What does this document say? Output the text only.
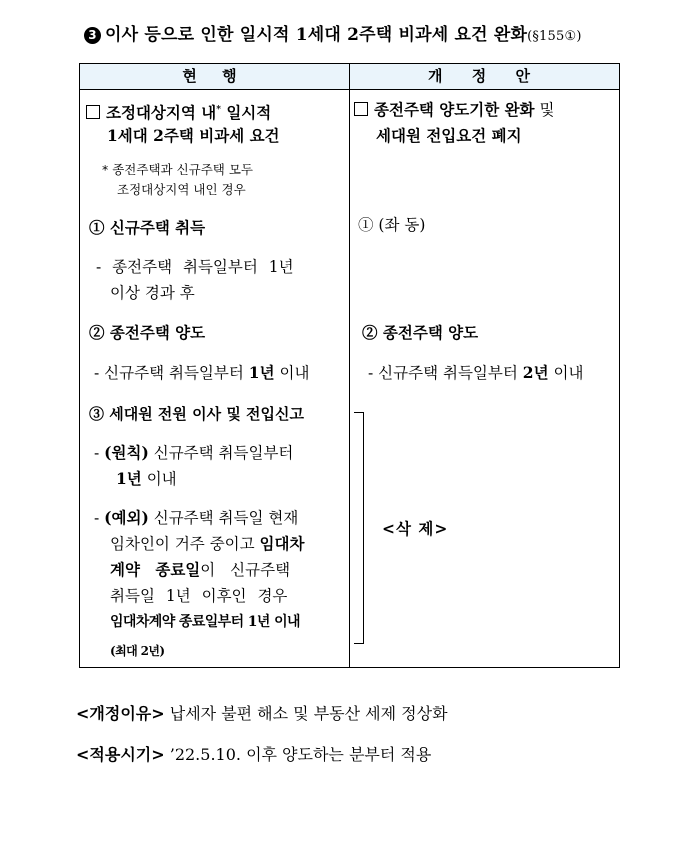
3 이사 등으로 인한 일시적 1세대 2주택 비과세 요건 완화(§155①)
현 행	개 정 안
조정대상지역 내* 일시적
1세대 2주택 비과세 요건
* 종전주택과 신규주택 모두
조정대상지역 내인 경우
① 신규주택 취득
- 종전주택 취득일부터 1년
이상 경과 후
② 종전주택 양도
- 신규주택 취득일부터 1년 이내
③ 세대원 전원 이사 및 전입신고
- (원칙) 신규주택 취득일부터
1년 이내
- (예외) 신규주택 취득일 현재
임차인이 거주 중이고 임대차
계약 종료일이 신규주택
취득일 1년 이후인 경우
임대차계약 종료일부터 1년 이내
(최대 2년)
종전주택 양도기한 완화 및
세대원 전입요건 폐지
① (좌 동)
② 종전주택 양도
- 신규주택 취득일부터 2년 이내
<삭 제>
<개정이유> 납세자 불편 해소 및 부동산 세제 정상화
<적용시기> ’22.5.10. 이후 양도하는 분부터 적용
